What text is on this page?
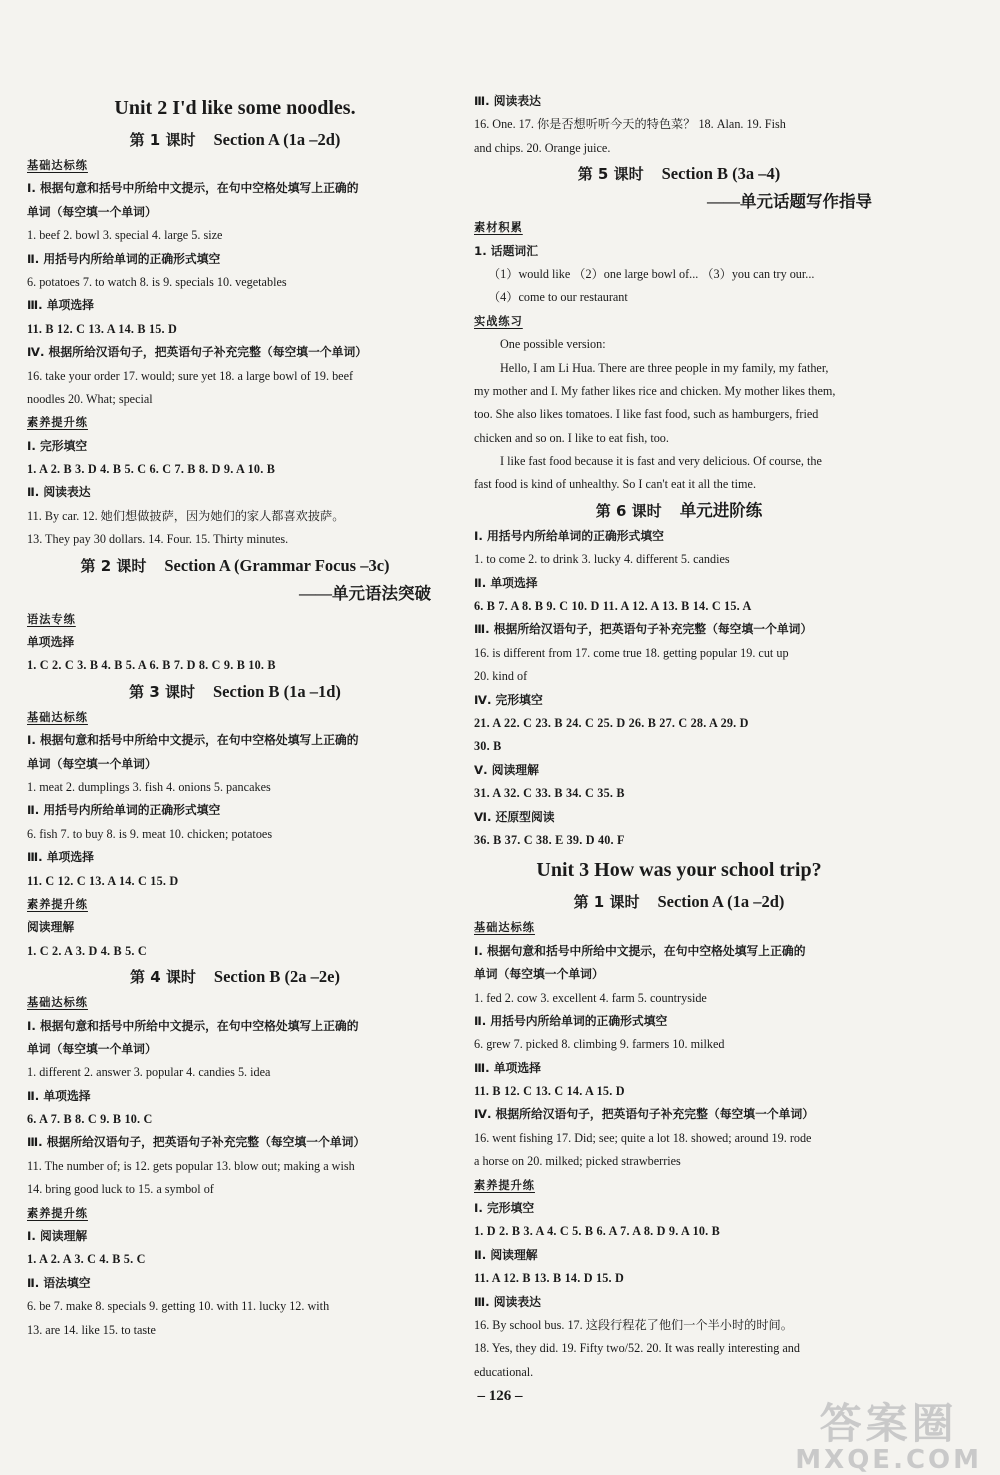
Unit 2 I'd like some noodles.
第 1 课时 Section A (1a –2d)
基础达标练
Ⅰ. 根据句意和括号中所给中文提示，在句中空格处填写上正确的
单词（每空填一个单词）
1. beef 2. bowl 3. special 4. large 5. size
Ⅱ. 用括号内所给单词的正确形式填空
6. potatoes 7. to watch 8. is 9. specials 10. vegetables
Ⅲ. 单项选择
11. B 12. C 13. A 14. B 15. D
Ⅳ. 根据所给汉语句子，把英语句子补充完整（每空填一个单词）
16. take your order 17. would; sure yet 18. a large bowl of 19. beef
noodles 20. What; special
素养提升练
Ⅰ. 完形填空
1. A 2. B 3. D 4. B 5. C 6. C 7. B 8. D 9. A 10. B
Ⅱ. 阅读表达
11. By car. 12. 她们想做披萨，因为她们的家人都喜欢披萨。
13. They pay 30 dollars. 14. Four. 15. Thirty minutes.
第 2 课时 Section A (Grammar Focus –3c)
——单元语法突破
语法专练
单项选择
1. C 2. C 3. B 4. B 5. A 6. B 7. D 8. C 9. B 10. B
第 3 课时 Section B (1a –1d)
基础达标练
Ⅰ. 根据句意和括号中所给中文提示，在句中空格处填写上正确的
单词（每空填一个单词）
1. meat 2. dumplings 3. fish 4. onions 5. pancakes
Ⅱ. 用括号内所给单词的正确形式填空
6. fish 7. to buy 8. is 9. meat 10. chicken; potatoes
Ⅲ. 单项选择
11. C 12. C 13. A 14. C 15. D
素养提升练
阅读理解
1. C 2. A 3. D 4. B 5. C
第 4 课时 Section B (2a –2e)
基础达标练
Ⅰ. 根据句意和括号中所给中文提示，在句中空格处填写上正确的
单词（每空填一个单词）
1. different 2. answer 3. popular 4. candies 5. idea
Ⅱ. 单项选择
6. A 7. B 8. C 9. B 10. C
Ⅲ. 根据所给汉语句子，把英语句子补充完整（每空填一个单词）
11. The number of; is 12. gets popular 13. blow out; making a wish
14. bring good luck to 15. a symbol of
素养提升练
Ⅰ. 阅读理解
1. A 2. A 3. C 4. B 5. C
Ⅱ. 语法填空
6. be 7. make 8. specials 9. getting 10. with 11. lucky 12. with
13. are 14. like 15. to taste
Ⅲ. 阅读表达
16. One. 17. 你是否想听听今天的特色菜？ 18. Alan. 19. Fish
and chips. 20. Orange juice.
第 5 课时 Section B (3a –4)
——单元话题写作指导
素材积累
1. 话题词汇
（1）would like （2）one large bowl of... （3）you can try our...
（4）come to our restaurant
实战练习
One possible version:
Hello, I am Li Hua. There are three people in my family, my father,
my mother and I. My father likes rice and chicken. My mother likes them,
too. She also likes tomatoes. I like fast food, such as hamburgers, fried
chicken and so on. I like to eat fish, too.
I like fast food because it is fast and very delicious. Of course, the
fast food is kind of unhealthy. So I can't eat it all the time.
第 6 课时 单元进阶练
Ⅰ. 用括号内所给单词的正确形式填空
1. to come 2. to drink 3. lucky 4. different 5. candies
Ⅱ. 单项选择
6. B 7. A 8. B 9. C 10. D 11. A 12. A 13. B 14. C 15. A
Ⅲ. 根据所给汉语句子，把英语句子补充完整（每空填一个单词）
16. is different from 17. come true 18. getting popular 19. cut up
20. kind of
Ⅳ. 完形填空
21. A 22. C 23. B 24. C 25. D 26. B 27. C 28. A 29. D
30. B
Ⅴ. 阅读理解
31. A 32. C 33. B 34. C 35. B
Ⅵ. 还原型阅读
36. B 37. C 38. E 39. D 40. F
Unit 3 How was your school trip?
第 1 课时 Section A (1a –2d)
基础达标练
Ⅰ. 根据句意和括号中所给中文提示，在句中空格处填写上正确的
单词（每空填一个单词）
1. fed 2. cow 3. excellent 4. farm 5. countryside
Ⅱ. 用括号内所给单词的正确形式填空
6. grew 7. picked 8. climbing 9. farmers 10. milked
Ⅲ. 单项选择
11. B 12. C 13. C 14. A 15. D
Ⅳ. 根据所给汉语句子，把英语句子补充完整（每空填一个单词）
16. went fishing 17. Did; see; quite a lot 18. showed; around 19. rode
a horse on 20. milked; picked strawberries
素养提升练
Ⅰ. 完形填空
1. D 2. B 3. A 4. C 5. B 6. A 7. A 8. D 9. A 10. B
Ⅱ. 阅读理解
11. A 12. B 13. B 14. D 15. D
Ⅲ. 阅读表达
16. By school bus. 17. 这段行程花了他们一个半小时的时间。
18. Yes, they did. 19. Fifty two/52. 20. It was really interesting and
educational.
– 126 –
答案圈
MXQE.COM
